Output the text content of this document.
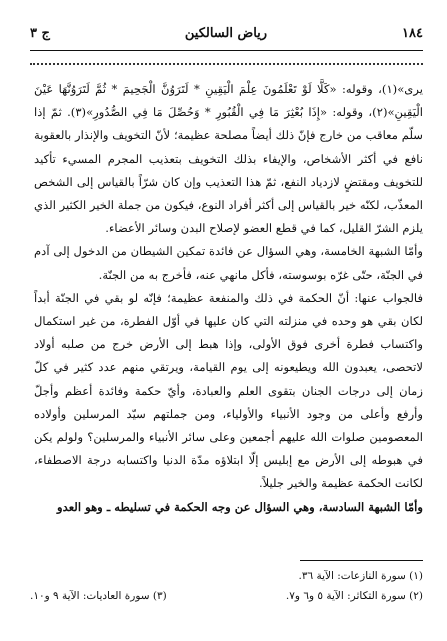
١٨٤
رياض السالكين
ج ٣

يرى»(١)، وقوله: «كَلَّا لَوْ تَعْلَمُونَ عِلْمَ الْيَقِينِ * لَتَرَوُنَّ الْجَحِيمَ * ثُمَّ لَتَرَوُنَّهَا عَيْنَ الْيَقِينِ»(٢)، وقوله: «إِذَا بُعْثِرَ مَا فِي الْقُبُورِ * وَحُصِّلَ مَا فِي الصُّدُورِ»(٣). ثمّ إذا سلّم معاقب من خارج فإنّ ذلك أيضاً مصلحة عظيمة؛ لأنّ التخويف والإنذار بالعقوبة نافع في أكثر الأشخاص، والإيفاء بذلك التخويف بتعذيب المجرم المسيء تأكيد للتخويف ومقتضٍ لازدياد النفع، ثمّ هذا التعذيب وإن كان شرّاً بالقياس إلى الشخص المعذّب، لكنّه خير بالقياس إلى أكثر أفراد النوع، فيكون من جملة الخير الكثير الذي يلزم الشرّ القليل، كما في قطع العضو لإصلاح البدن وسائر الأعضاء.

وأمّا الشبهة الخامسة، وهي السؤال عن فائدة تمكين الشيطان من الدخول إلى آدم في الجنّة، حتّى غرّه بوسوسته، فأكل مانهي عنه، فأخرج به من الجنّة.

فالجواب عنها: أنّ الحكمة في ذلك والمنفعة عظيمة؛ فإنّه لو بقي في الجنّة أبداً لكان بقي هو وحده في منزلته التي كان عليها في أوّل الفطرة، من غير استكمال واكتساب فطرة أخرى فوق الأولى، وإذا هبط إلى الأرض خرج من صلبه أولاد لاتحصى، يعبدون الله ويطيعونه إلى يوم القيامة، ويرتقي منهم عدد كثير في كلّ زمان إلى درجات الجنان بتقوى العلم والعبادة، وأيّ حكمة وفائدة أعظم وأجلّ وأرفع وأعلى من وجود الأنبياء والأولياء، ومن جملتهم سيّد المرسلين وأولاده المعصومين صلوات الله عليهم أجمعين وعلى سائر الأنبياء والمرسلين؟ ولولم يكن في هبوطه إلى الأرض مع إبليس إلّا ابتلاؤه مدّة الدنيا واكتسابه درجة الاصطفاء، لكانت الحكمة عظيمة والخير جليلاً.

وأمّا الشبهة السادسة، وهي السؤال عن وجه الحكمة في تسليطه ـ وهو العدو

(١) سورة النازعات: الآية ٣٦.
(٢) سورة التكاثر: الآية ٥ و٦ و٧.
(٣) سورة العاديات: الآية ٩ و١٠.
